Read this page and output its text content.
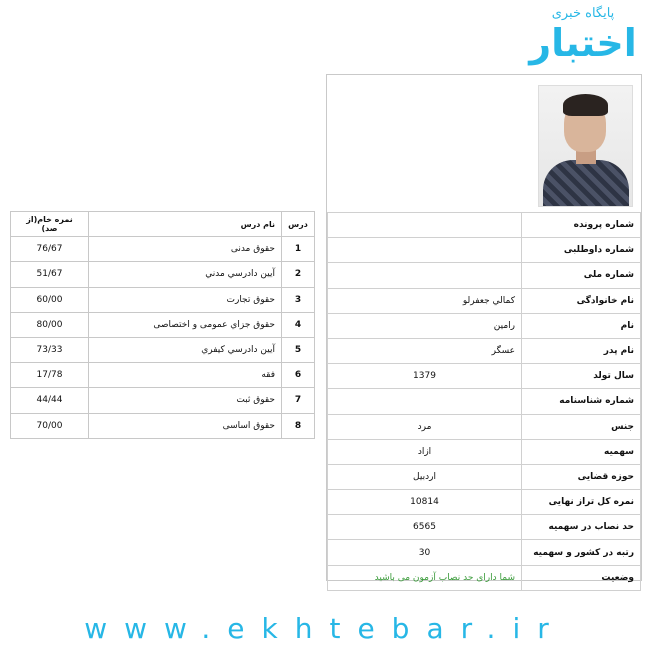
پایگاه خبری
اختبار
شماره پرونده	
شماره داوطلبی	
شماره ملی	
نام خانوادگی	کمالي جعفرلو
نام	رامين
نام پدر	عسگر
سال تولد	1379
شماره شناسنامه	
جنس	مرد
سهمیه	ازاد
حوزه قضایی	اردبیل
نمره کل تراز نهایی	10814
حد نصاب در سهمیه	6565
رتبه در کشور و سهمیه	30
وضعیت	شما دارای حد نصاب آزمون می باشید
درس	نام درس	نمره خام(از صد)
1	حقوق مدنی	76/67
2	آيين دادرسي مدني	51/67
3	حقوق تجارت	60/00
4	حقوق جزاي عمومی و اختصاصی	80/00
5	آيين دادرسي كيفري	73/33
6	فقه	17/78
7	حقوق ثبت	44/44
8	حقوق اساسی	70/00
www.ekhtebar.ir
